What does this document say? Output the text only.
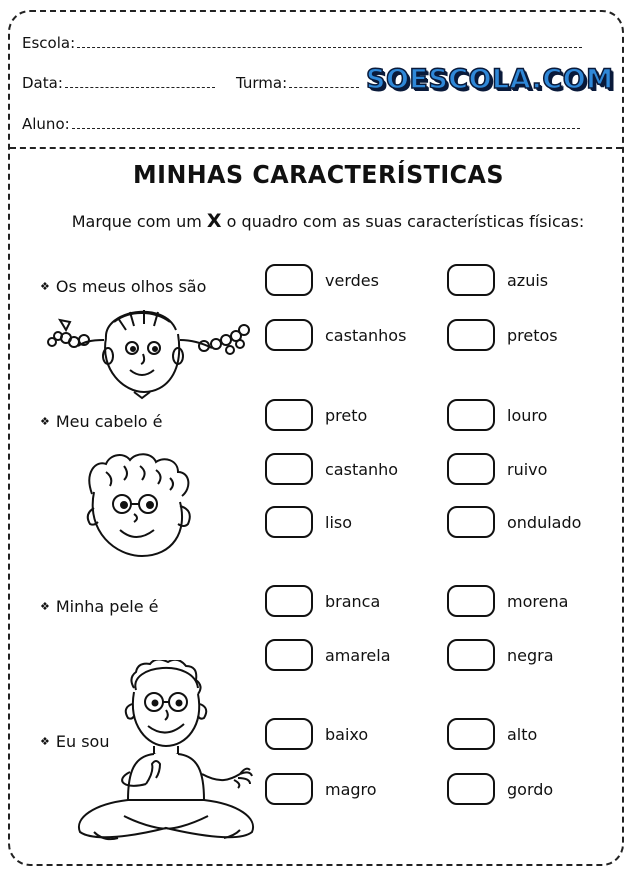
Escola:
Data:	Turma:	SOESCOLA.COM
Aluno:
MINHAS CARACTERÍSTICAS
Marque com um X o quadro com as suas características físicas:
❖ Os meus olhos são
❖ Meu cabelo é
❖ Minha pele é
❖ Eu sou
verdes	azuis
castanhos	pretos
preto	louro
castanho	ruivo
liso	ondulado
branca	morena
amarela	negra
baixo	alto
magro	gordo
